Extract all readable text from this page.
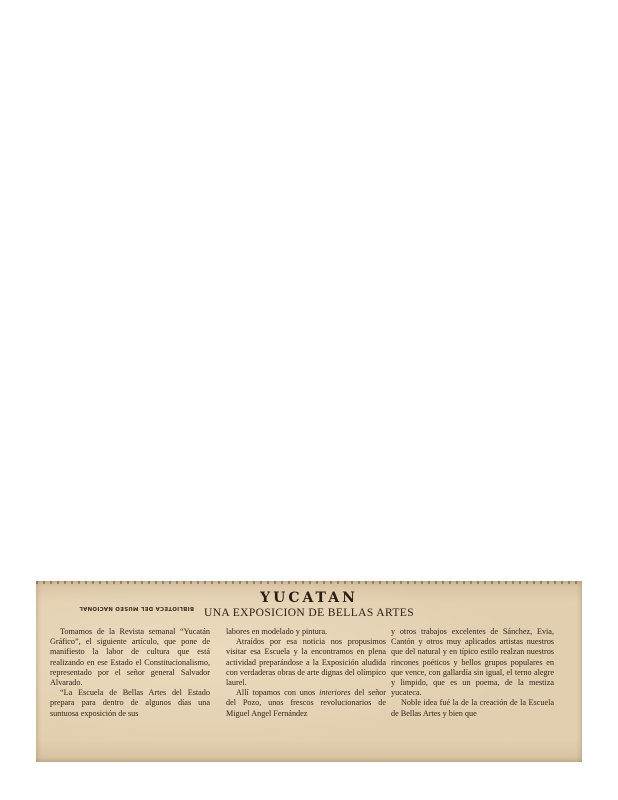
BIBLIOTECA DEL MUSEO NACIONAL
YUCATAN
UNA EXPOSICION DE BELLAS ARTES

Tomamos de la Revista semanal “Yucatán Gráfico”, el siguiente artículo, que pone de manifiesto la labor de cultura que está realizando en ese Estado el Constitucionalismo, representado por el señor general Salvador Alvarado.

“La Escuela de Bellas Artes del Estado prepara para dentro de algunos días una suntuosa exposición de sus

labores en modelado y pintura.

Atraídos por esa noticia nos propusimos visitar esa Escuela y la encontramos en plena actividad preparándose a la Exposición aludida con verdaderas obras de arte dignas del olímpico laurel.

Allí topamos con unos interiores del señor del Pozo, unos frescos revolucionarios de Miguel Angel Fernández

y otros trabajos excelentes de Sánchez, Evia, Cantón y otros muy aplicados artistas nuestros que del natural y en típico estilo realzan nuestros rincones poéticos y bellos grupos populares en que vence, con gallardía sin igual, el terno alegre y limpido, que es un poema, de la mestiza yucateca.

Noble idea fué la de la creación de la Escuela de Bellas Artes y bien que
